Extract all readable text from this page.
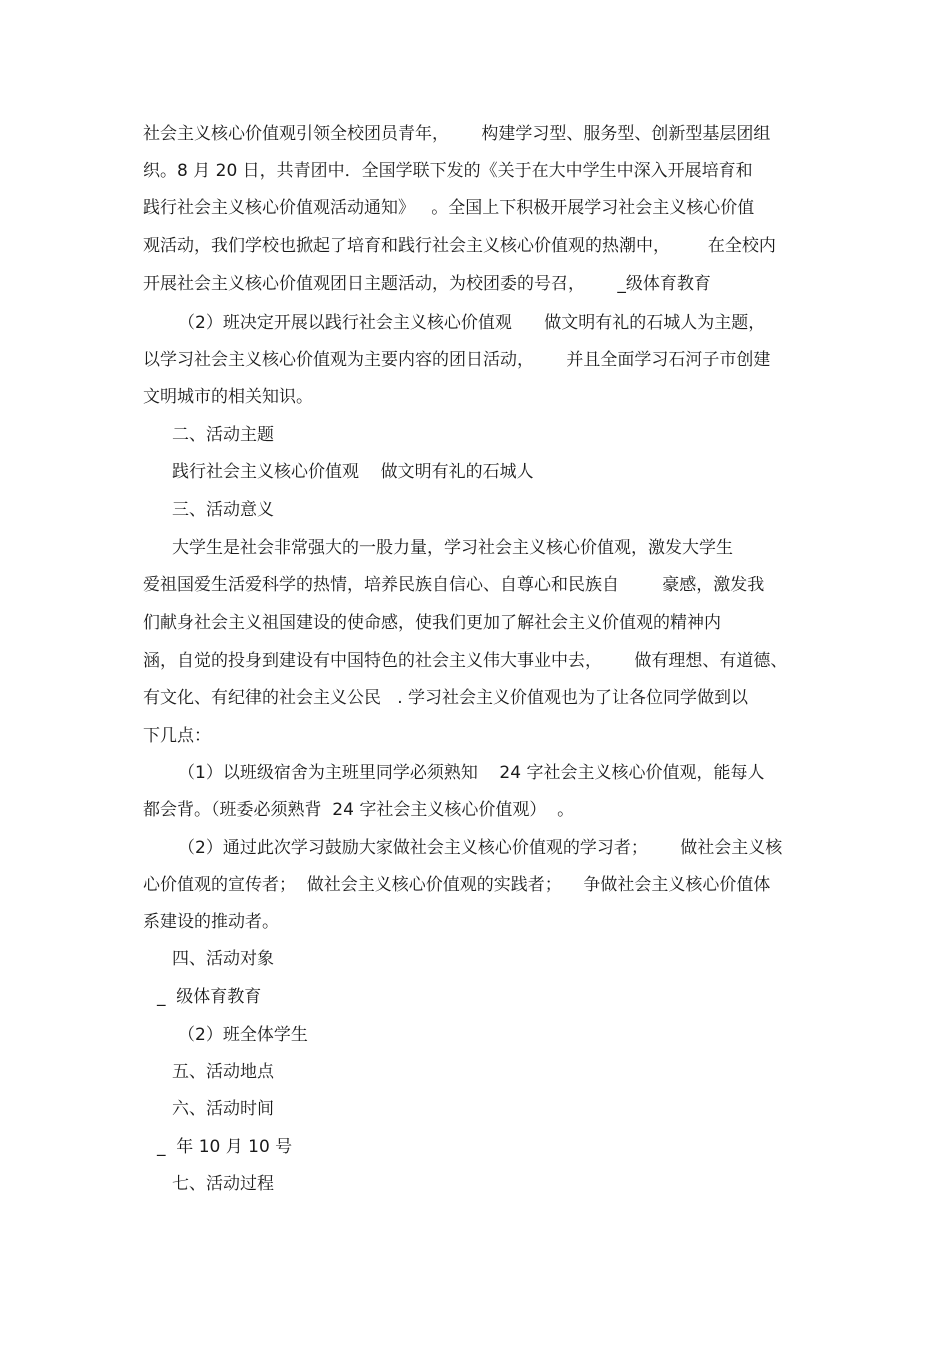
社会主义核心价值观引领全校团员青年，      构建学习型、服务型、创新型基层团组
织。8 月 20 日，共青团中．全国学联下发的《关于在大中学生中深入开展培育和
践行社会主义核心价值观活动通知》   。全国上下积极开展学习社会主义核心价值
观活动，我们学校也掀起了培育和践行社会主义核心价值观的热潮中，       在全校内
开展社会主义核心价值观团日主题活动，为校团委的号召，      _级体育教育
（2）班决定开展以践行社会主义核心价值观      做文明有礼的石城人为主题，
以学习社会主义核心价值观为主要内容的团日活动，      并且全面学习石河子市创建
文明城市的相关知识。
二、活动主题
践行社会主义核心价值观    做文明有礼的石城人
三、活动意义
大学生是社会非常强大的一股力量，学习社会主义核心价值观，激发大学生
爱祖国爱生活爱科学的热情，培养民族自信心、自尊心和民族自        豪感，激发我
们献身社会主义祖国建设的使命感，使我们更加了解社会主义价值观的精神内
涵，自觉的投身到建设有中国特色的社会主义伟大事业中去，      做有理想、有道德、
有文化、有纪律的社会主义公民   . 学习社会主义价值观也为了让各位同学做到以
下几点：
（1）以班级宿舍为主班里同学必须熟知    24 字社会主义核心价值观，能每人
都会背。（班委必须熟背  24 字社会主义核心价值观）  。
（2）通过此次学习鼓励大家做社会主义核心价值观的学习者；      做社会主义核
心价值观的宣传者；  做社会主义核心价值观的实践者；    争做社会主义核心价值体
系建设的推动者。
四、活动对象
_  级体育教育
（2）班全体学生
五、活动地点
六、活动时间
_  年 10 月 10 号
七、活动过程
